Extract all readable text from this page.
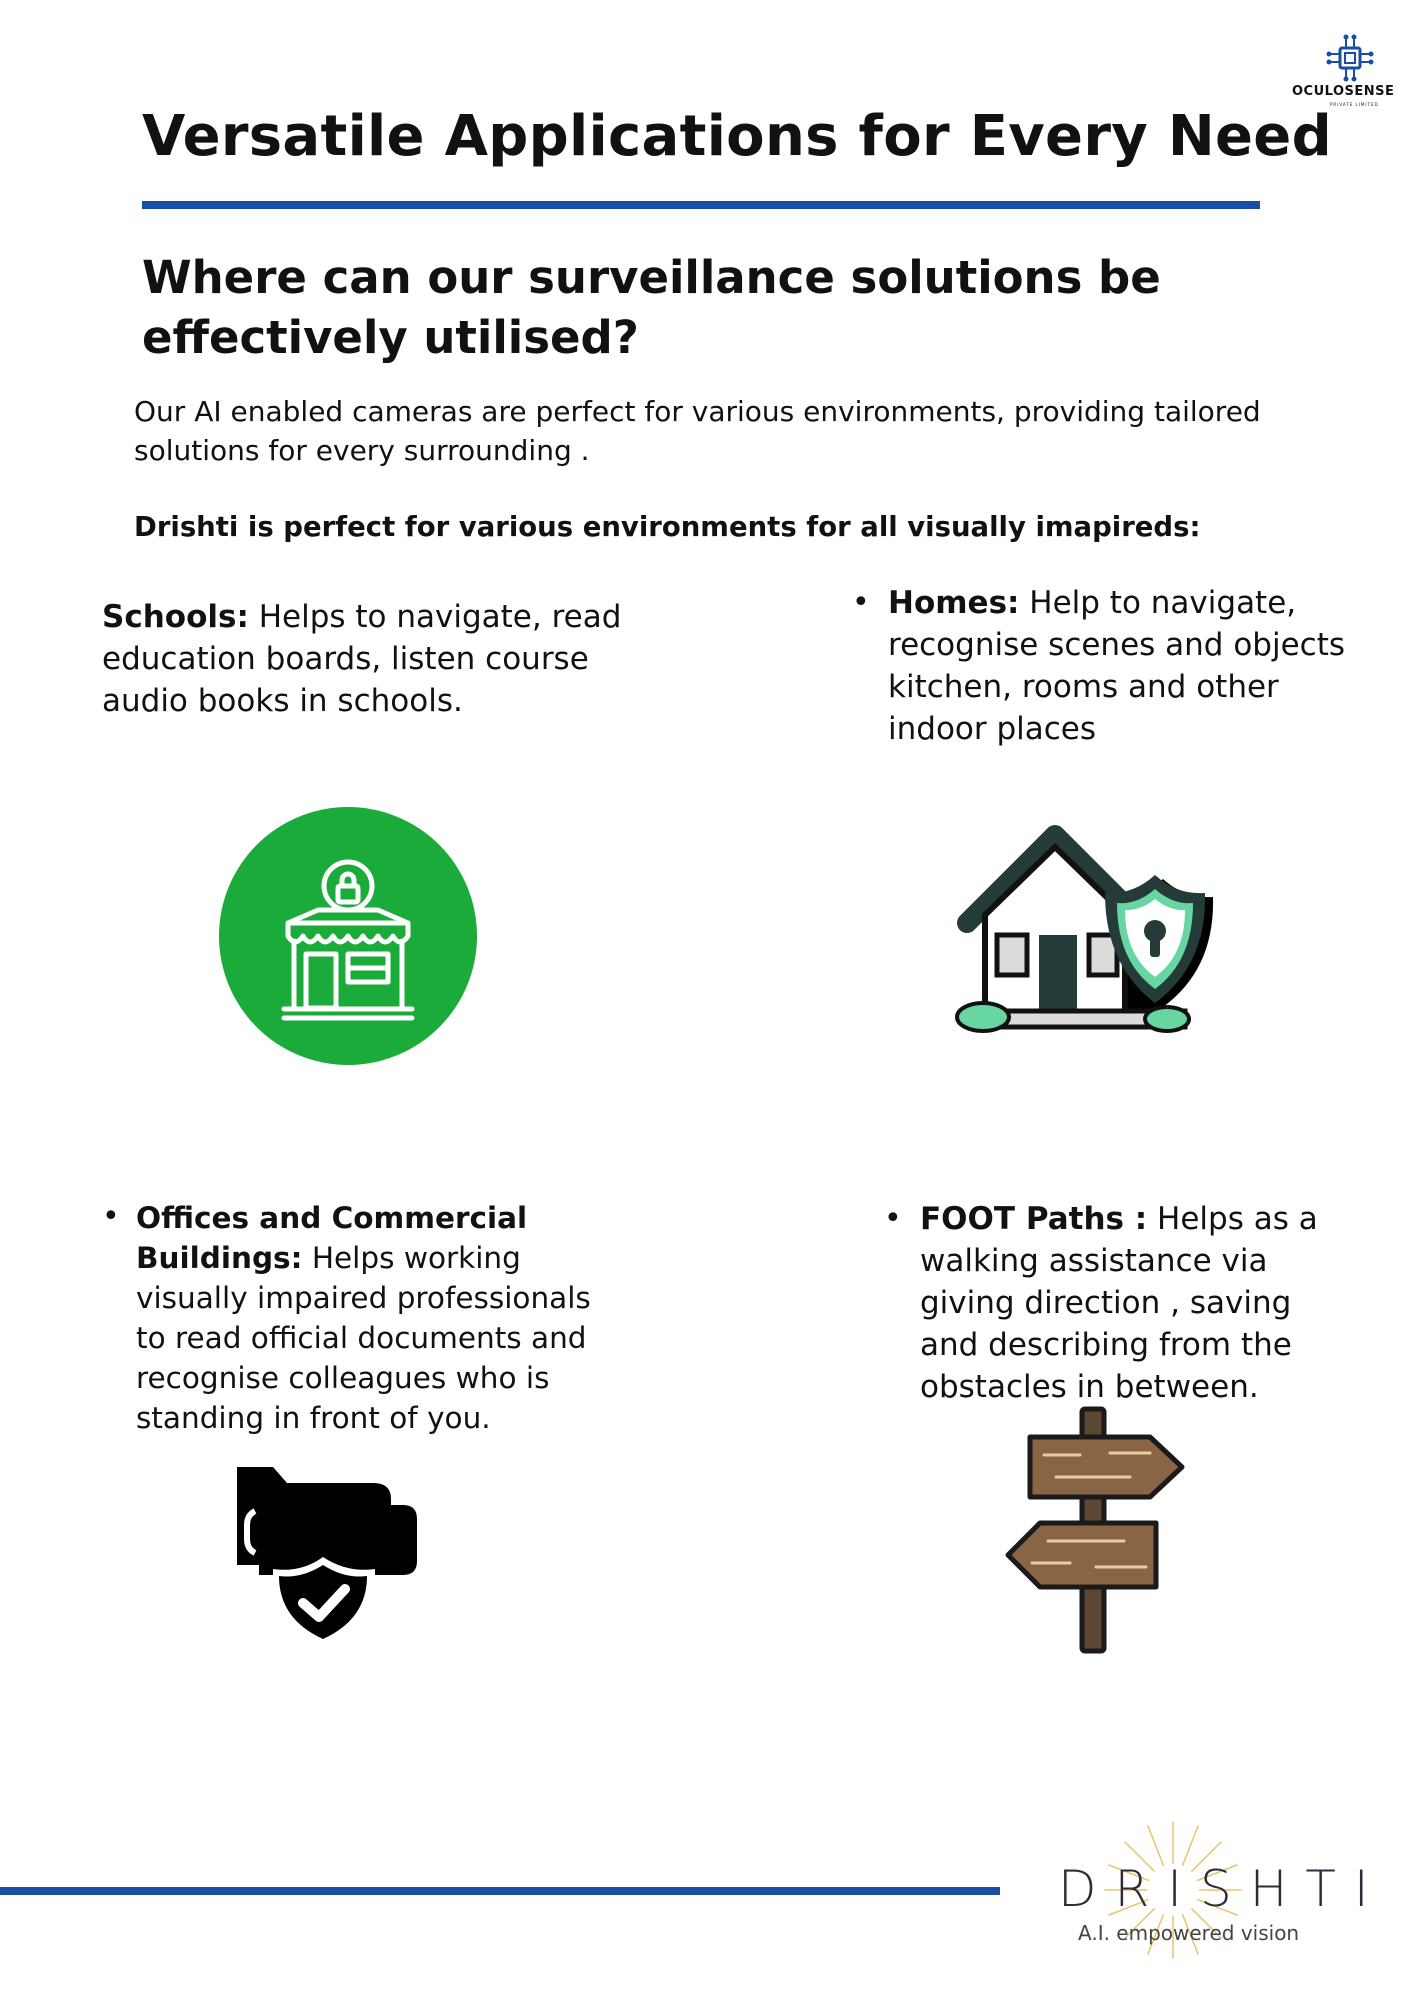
OCULOSENSE
PRIVATE LIMITED
Versatile Applications for Every Need
Where can our surveillance solutions be effectively utilised?

Our AI enabled cameras are perfect for various environments, providing tailored solutions for every surrounding .

Drishti is perfect for various environments for all visually imapireds:

Schools: Helps to navigate, read education boards, listen course audio books in schools.

• Homes: Help to navigate, recognise scenes and objects kitchen, rooms and other indoor places

• Offices and Commercial Buildings: Helps working visually impaired professionals to read official documents and recognise colleagues who is standing in front of you.

• FOOT Paths : Helps as a walking assistance via giving direction , saving and describing from the obstacles in between.

DRISHTI
A.I. empowered vision
